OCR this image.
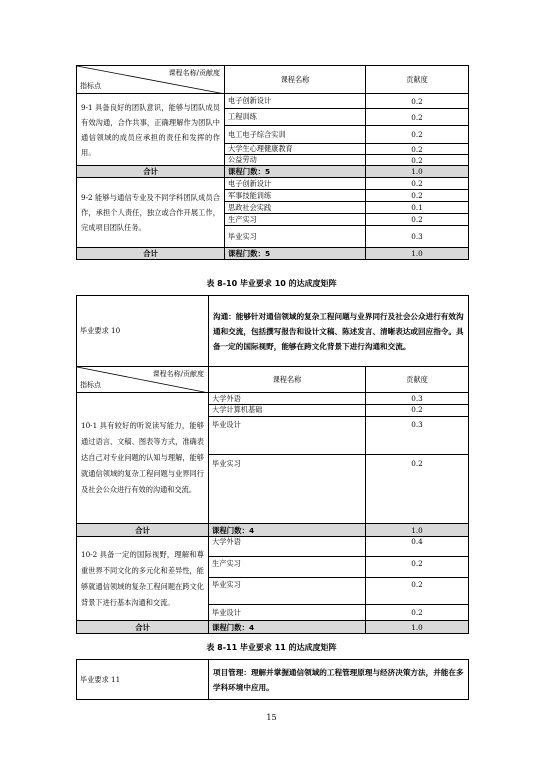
课程名称/贡献度
指标点	课程名称	贡献度
9-1 具备良好的团队意识，能够与团队成员有效沟通，合作共事，正确理解作为团队中通信领域的成员应承担的责任和发挥的作用。	电子创新设计	0.2
	工程训练	0.2
	电工电子综合实训	0.2
	大学生心理健康教育	0.2
	公益劳动	0.2
合计	课程门数：5	1.0
9-2 能够与通信专业及不同学科团队成员合作，承担个人责任，独立或合作开展工作，完成项目团队任务。	电子创新设计	0.2
	军事技能训练	0.2
	思政社会实践	0.1
	生产实习	0.2
	毕业实习	0.3
合计	课程门数：5	1.0
表 8-10 毕业要求 10 的达成度矩阵
毕业要求 10	沟通：能够针对通信领域的复杂工程问题与业界同行及社会公众进行有效沟通和交流，包括撰写报告和设计文稿、陈述发言、清晰表达或回应指令。具备一定的国际视野，能够在跨文化背景下进行沟通和交流。	

课程名称/贡献度
指标点	课程名称	贡献度
10-1 具有较好的听说读写能力，能够通过语言、文稿、图表等方式，准确表达自己对专业问题的认知与理解，能够就通信领域的复杂工程问题与业界同行及社会公众进行有效的沟通和交流。	大学外语	0.3
	大学计算机基础	0.2
	毕业设计	0.3
	毕业实习	0.2
合计	课程门数：4	1.0
10-2 具备一定的国际视野，理解和尊重世界不同文化的多元化和差异性，能够就通信领域的复杂工程问题在跨文化背景下进行基本沟通和交流。	大学外语	0.4
	生产实习	0.2
	毕业实习	0.2
	毕业设计	0.2
合计	课程门数：4	1.0
表 8-11 毕业要求 11 的达成度矩阵
毕业要求 11	项目管理：理解并掌握通信领域的工程管理原理与经济决策方法，并能在多学科环境中应用。
15
